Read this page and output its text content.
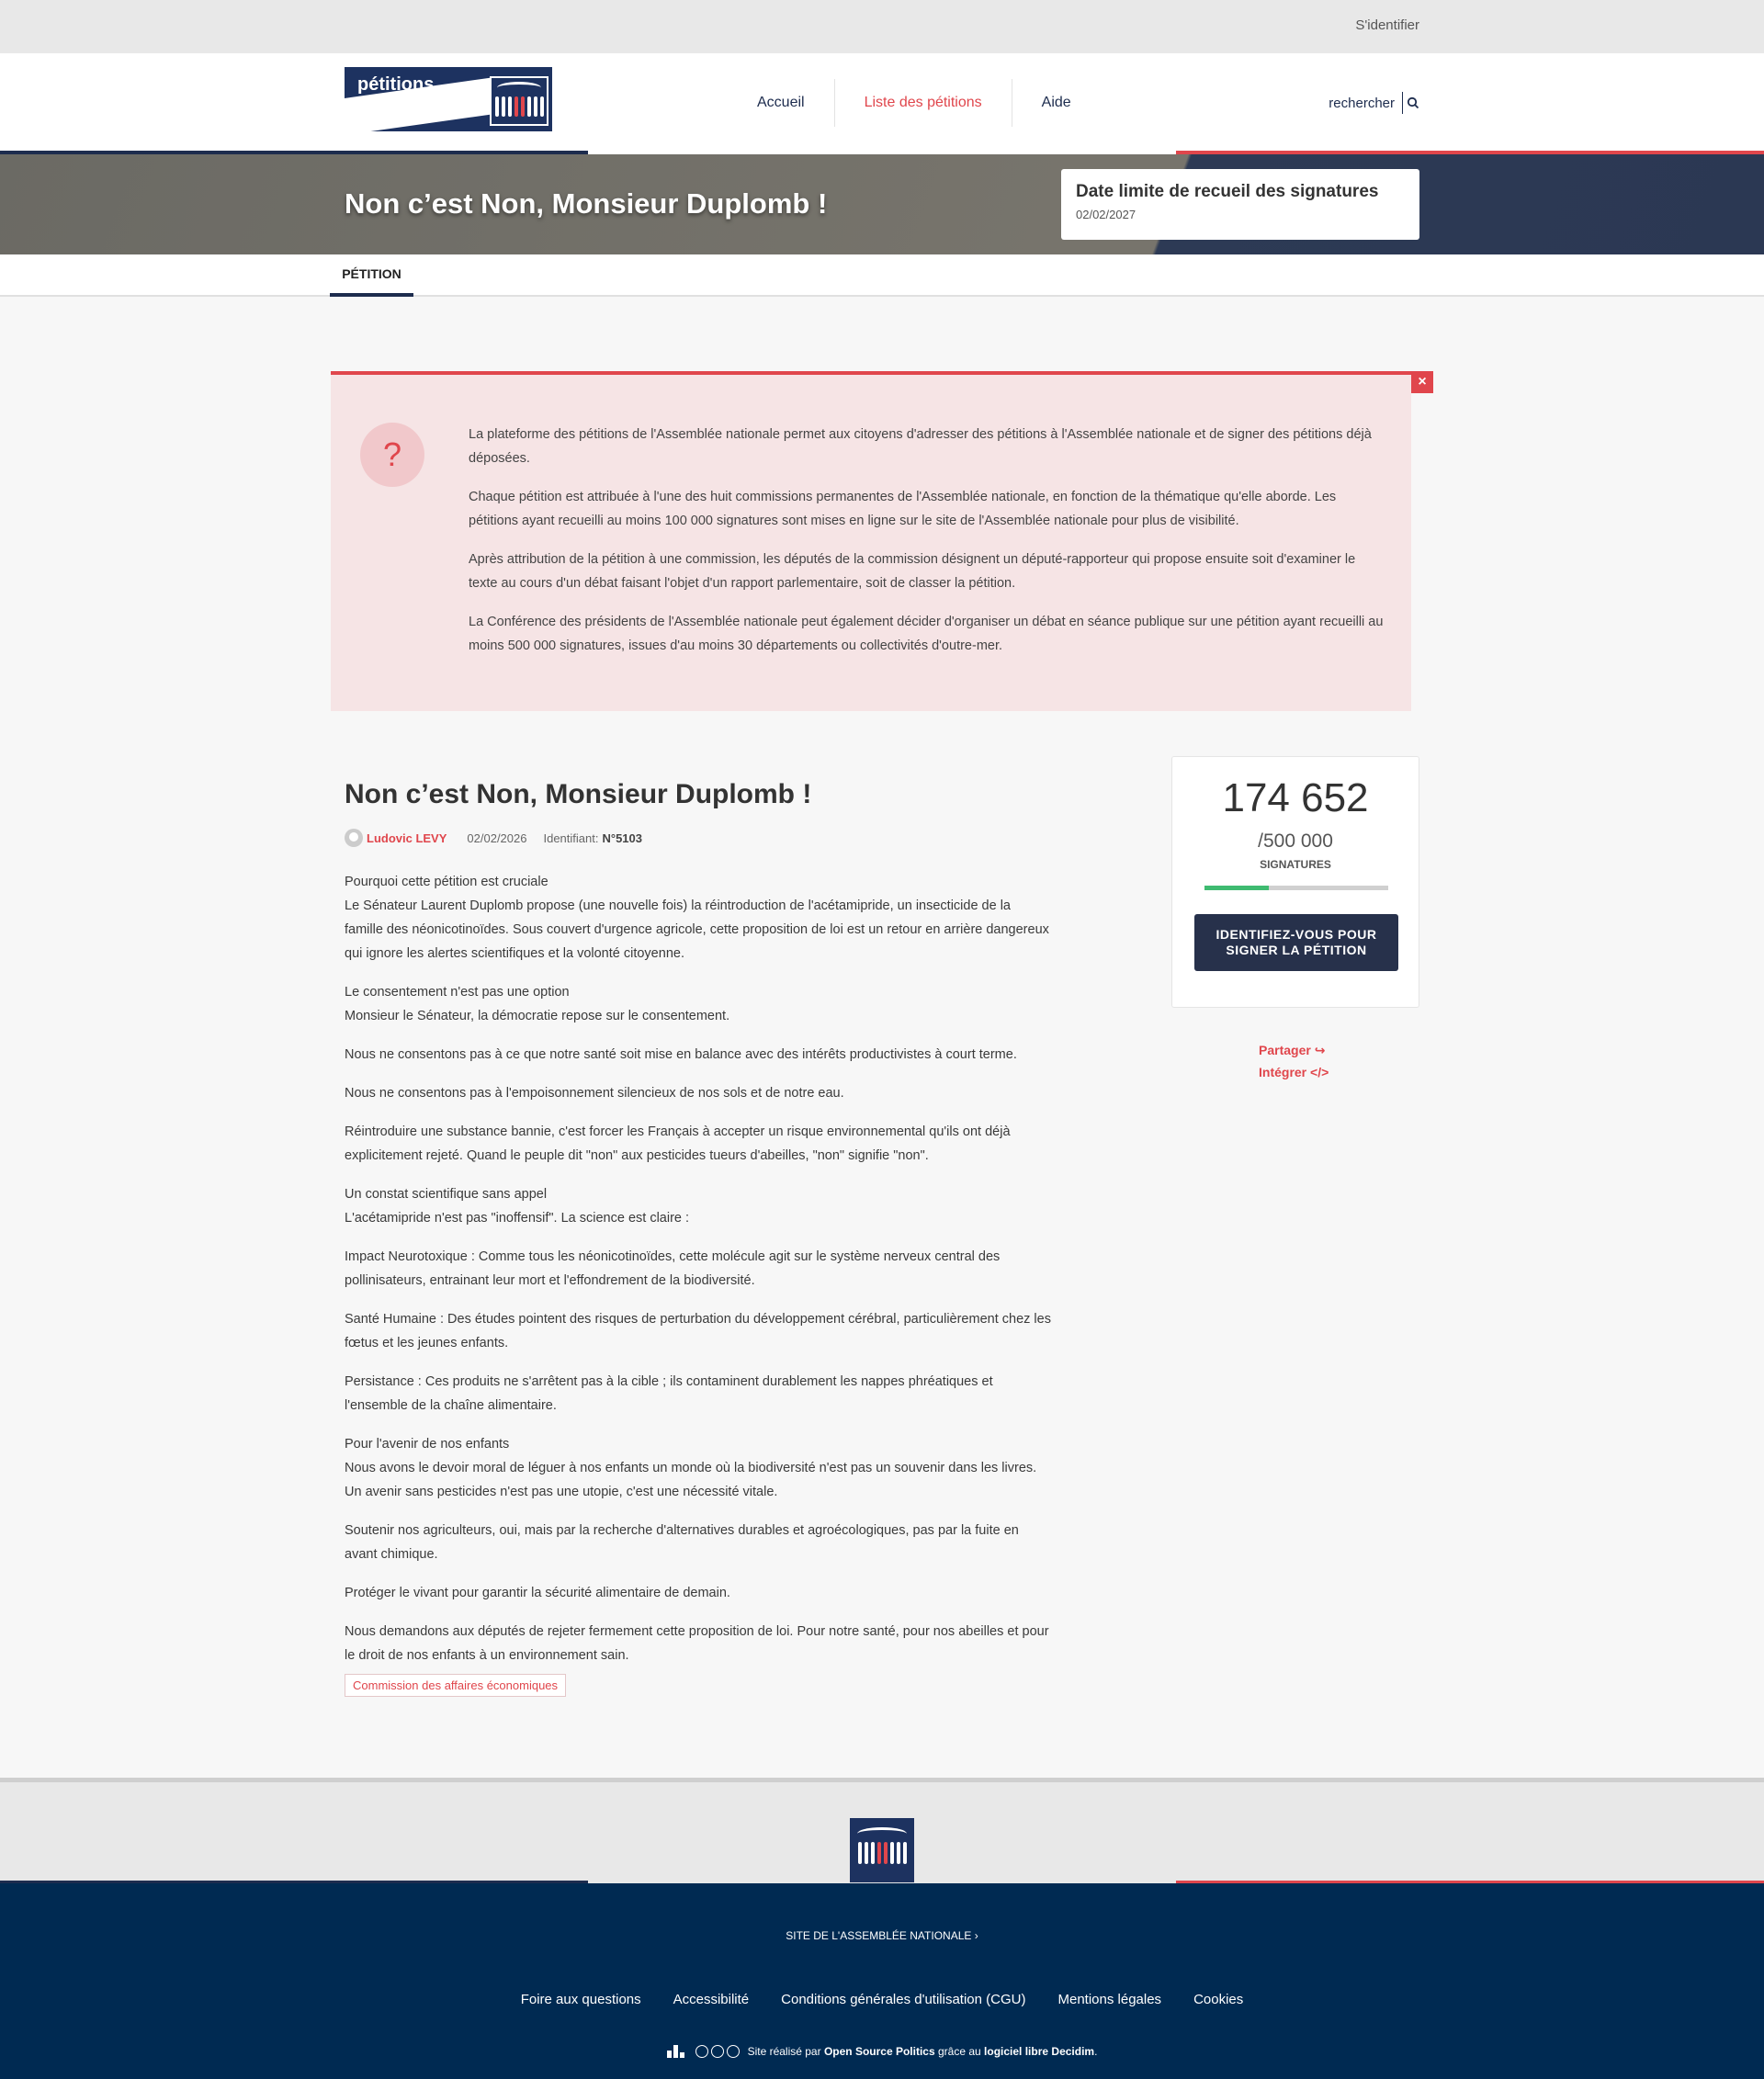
S'identifier
pétitions
Accueil	Liste des pétitions	Aide	rechercher
Non c’est Non, Monsieur Duplomb !	Date limite de recueil des signatures
02/02/2027
PÉTITION
?

La plateforme des pétitions de l'Assemblée nationale permet aux citoyens d'adresser des pétitions à l'Assemblée nationale et de signer des pétitions déjà déposées.

Chaque pétition est attribuée à l'une des huit commissions permanentes de l'Assemblée nationale, en fonction de la thématique qu'elle aborde. Les pétitions ayant recueilli au moins 100 000 signatures sont mises en ligne sur le site de l'Assemblée nationale pour plus de visibilité.

Après attribution de la pétition à une commission, les députés de la commission désignent un député-rapporteur qui propose ensuite soit d'examiner le texte au cours d'un débat faisant l'objet d'un rapport parlementaire, soit de classer la pétition.

La Conférence des présidents de l'Assemblée nationale peut également décider d'organiser un débat en séance publique sur une pétition ayant recueilli au moins 500 000 signatures, issues d'au moins 30 départements ou collectivités d'outre-mer.

×
Non c’est Non, Monsieur Duplomb !
Ludovic LEVY 02/02/2026 Identifiant: N°5103

Pourquoi cette pétition est cruciale
Le Sénateur Laurent Duplomb propose (une nouvelle fois) la réintroduction de l'acétamipride, un insecticide de la famille des néonicotinoïdes. Sous couvert d'urgence agricole, cette proposition de loi est un retour en arrière dangereux qui ignore les alertes scientifiques et la volonté citoyenne.

Le consentement n'est pas une option
Monsieur le Sénateur, la démocratie repose sur le consentement.

Nous ne consentons pas à ce que notre santé soit mise en balance avec des intérêts productivistes à court terme.

Nous ne consentons pas à l'empoisonnement silencieux de nos sols et de notre eau.

Réintroduire une substance bannie, c'est forcer les Français à accepter un risque environnemental qu'ils ont déjà explicitement rejeté. Quand le peuple dit "non" aux pesticides tueurs d'abeilles, "non" signifie "non".

Un constat scientifique sans appel
L'acétamipride n'est pas "inoffensif". La science est claire :

Impact Neurotoxique : Comme tous les néonicotinoïdes, cette molécule agit sur le système nerveux central des pollinisateurs, entrainant leur mort et l'effondrement de la biodiversité.

Santé Humaine : Des études pointent des risques de perturbation du développement cérébral, particulièrement chez les fœtus et les jeunes enfants.

Persistance : Ces produits ne s'arrêtent pas à la cible ; ils contaminent durablement les nappes phréatiques et l'ensemble de la chaîne alimentaire.

Pour l'avenir de nos enfants
Nous avons le devoir moral de léguer à nos enfants un monde où la biodiversité n'est pas un souvenir dans les livres. Un avenir sans pesticides n'est pas une utopie, c'est une nécessité vitale.

Soutenir nos agriculteurs, oui, mais par la recherche d'alternatives durables et agroécologiques, pas par la fuite en avant chimique.

Protéger le vivant pour garantir la sécurité alimentaire de demain.

Nous demandons aux députés de rejeter fermement cette proposition de loi. Pour notre santé, pour nos abeilles et pour le droit de nos enfants à un environnement sain.

Commission des affaires économiques
174 652
/500 000
SIGNATURES
IDENTIFIEZ-VOUS POUR SIGNER LA PÉTITION
Partager ↪
Intégrer </>
SITE DE L'ASSEMBLÉE NATIONALE ›
Foire aux questions Accessibilité Conditions générales d'utilisation (CGU) Mentions légales Cookies
Site réalisé par
Open Source Politics
grâce au
logiciel libre Decidim .
